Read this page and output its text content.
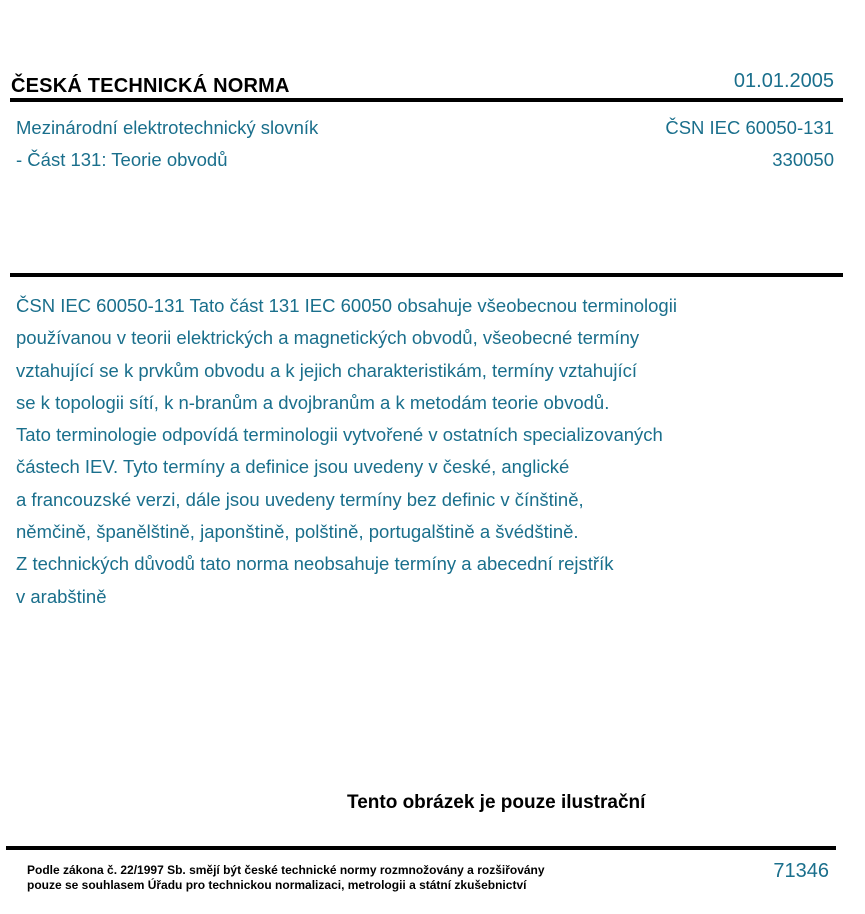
ČESKÁ TECHNICKÁ NORMA	01.01.2005
Mezinárodní elektrotechnický slovník
- Část 131: Teorie obvodů
ČSN IEC 60050-131
330050
ČSN IEC 60050-131 Tato část 131 IEC 60050 obsahuje všeobecnou terminologii
používanou v teorii elektrických a magnetických obvodů, všeobecné termíny
vztahující se k prvkům obvodu a k jejich charakteristikám, termíny vztahující
se k topologii sítí, k n-branům a dvojbranům a k metodám teorie obvodů.
Tato terminologie odpovídá terminologii vytvořené v ostatních specializovaných
částech IEV. Tyto termíny a definice jsou uvedeny v české, anglické
a francouzské verzi, dále jsou uvedeny termíny bez definic v čínštině,
němčině, španělštině, japonštině, polštině, portugalštině a švédštině.
Z technických důvodů tato norma neobsahuje termíny a abecední rejstřík
v arabštině
Tento obrázek je pouze ilustrační
Podle zákona č. 22/1997 Sb. smějí být české technické normy rozmnožovány a rozšiřovány
pouze se souhlasem Úřadu pro technickou normalizaci, metrologii a státní zkušebnictví
71346
